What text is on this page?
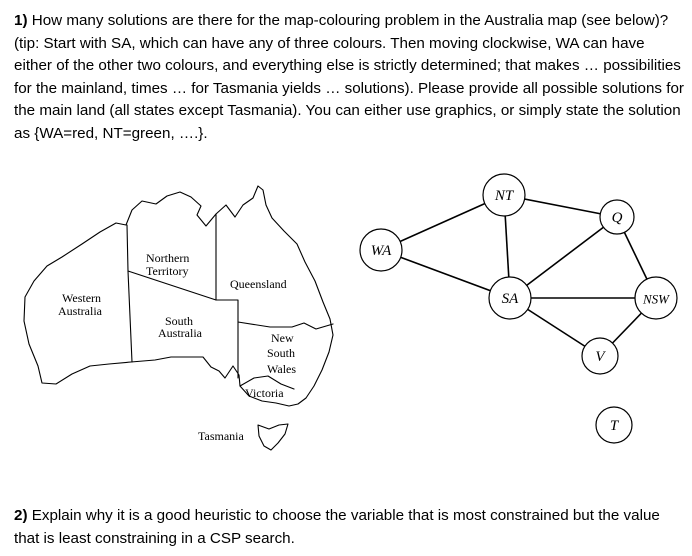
1) How many solutions are there for the map-colouring problem in the Australia map (see below)? (tip: Start with SA, which can have any of three colours. Then moving clockwise, WA can have either of the other two colours, and everything else is strictly determined; that makes … possibilities for the mainland, times … for Tasmania yields … solutions). Please provide all possible solutions for the main land (all states except Tasmania). You can either use graphics, or simply state the solution as {WA=red, NT=green, ….}.

Western Australia
Northern Territory
South Australia
Queensland
New South Wales
Victoria
Tasmania
WA
NT
SA
Q
NSW
V
T

2) Explain why it is a good heuristic to choose the variable that is most constrained but the value that is least constraining in a CSP search.
